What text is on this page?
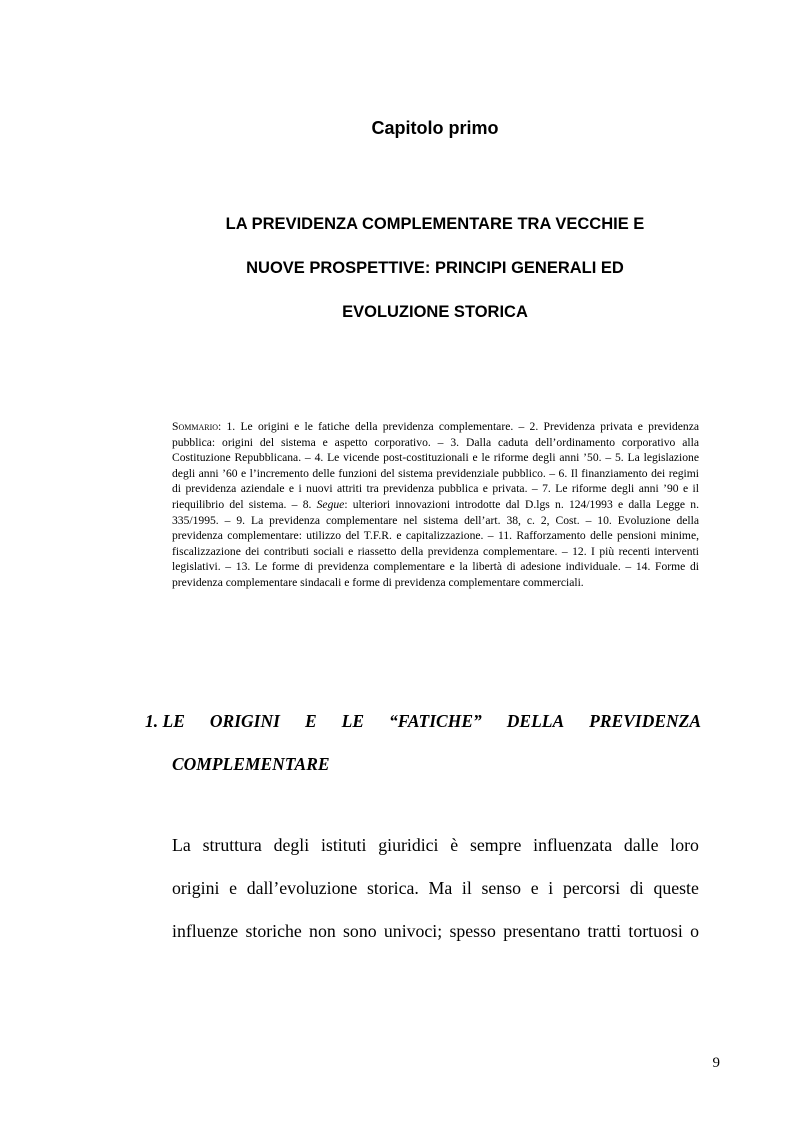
Capitolo primo
LA PREVIDENZA COMPLEMENTARE TRA VECCHIE E
NUOVE PROSPETTIVE: PRINCIPI GENERALI ED
EVOLUZIONE STORICA
Sommario: 1. Le origini e le fatiche della previdenza complementare. – 2. Previdenza privata e previdenza pubblica: origini del sistema e aspetto corporativo. – 3. Dalla caduta dell’ordinamento corporativo alla Costituzione Repubblicana. – 4. Le vicende post-costituzionali e le riforme degli anni ’50. – 5. La legislazione degli anni ’60 e l’incremento delle funzioni del sistema previdenziale pubblico. – 6. Il finanziamento dei regimi di previdenza aziendale e i nuovi attriti tra previdenza pubblica e privata. – 7. Le riforme degli anni ’90 e il riequilibrio del sistema. – 8. Segue: ulteriori innovazioni introdotte dal D.lgs n. 124/1993 e dalla Legge n. 335/1995. – 9. La previdenza complementare nel sistema dell’art. 38, c. 2, Cost. – 10. Evoluzione della previdenza complementare: utilizzo del T.F.R. e capitalizzazione. – 11. Rafforzamento delle pensioni minime, fiscalizzazione dei contributi sociali e riassetto della previdenza complementare. – 12. I più recenti interventi legislativi. – 13. Le forme di previdenza complementare e la libertà di adesione individuale. – 14. Forme di previdenza complementare sindacali e forme di previdenza complementare commerciali.
1. LE ORIGINI E LE “FATICHE” DELLA PREVIDENZA
COMPLEMENTARE
La struttura degli istituti giuridici è sempre influenzata dalle loro
origini e dall’evoluzione storica. Ma il senso e i percorsi di queste
influenze storiche non sono univoci; spesso presentano tratti tortuosi o
9
